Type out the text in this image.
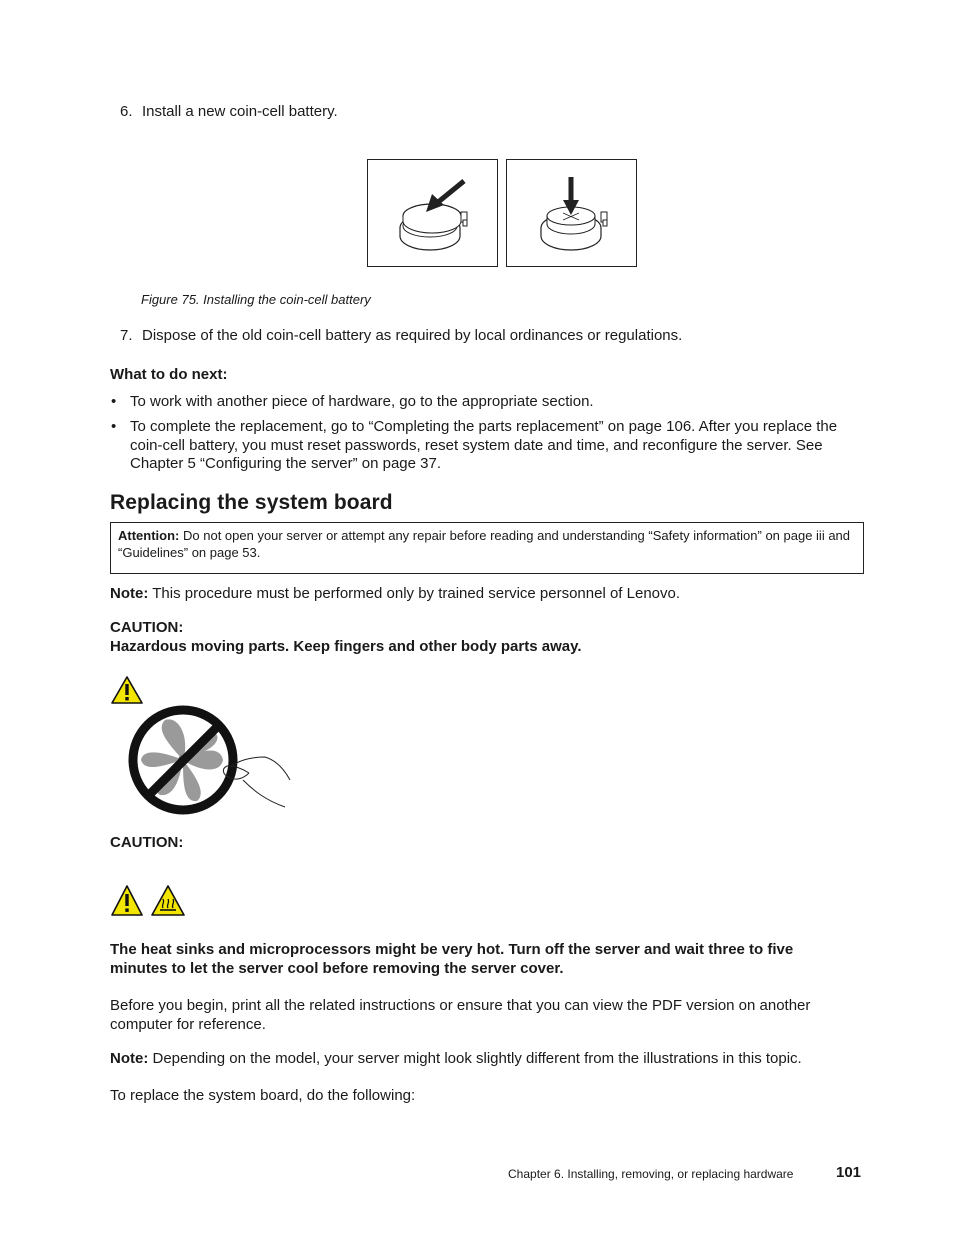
6. Install a new coin-cell battery.
Figure 75. Installing the coin-cell battery
7. Dispose of the old coin-cell battery as required by local ordinances or regulations.
What to do next:
• To work with another piece of hardware, go to the appropriate section.
• To complete the replacement, go to “Completing the parts replacement” on page 106. After you replace the coin-cell battery, you must reset passwords, reset system date and time, and reconfigure the server. See Chapter 5 “Configuring the server” on page 37.
Replacing the system board
Attention: Do not open your server or attempt any repair before reading and understanding “Safety information” on page iii and “Guidelines” on page 53.
Note: This procedure must be performed only by trained service personnel of Lenovo.
CAUTION:
Hazardous moving parts. Keep fingers and other body parts away.
CAUTION:
The heat sinks and microprocessors might be very hot. Turn off the server and wait three to five minutes to let the server cool before removing the server cover.
Before you begin, print all the related instructions or ensure that you can view the PDF version on another computer for reference.
Note: Depending on the model, your server might look slightly different from the illustrations in this topic.
To replace the system board, do the following:
Chapter 6. Installing, removing, or replacing hardware	101
